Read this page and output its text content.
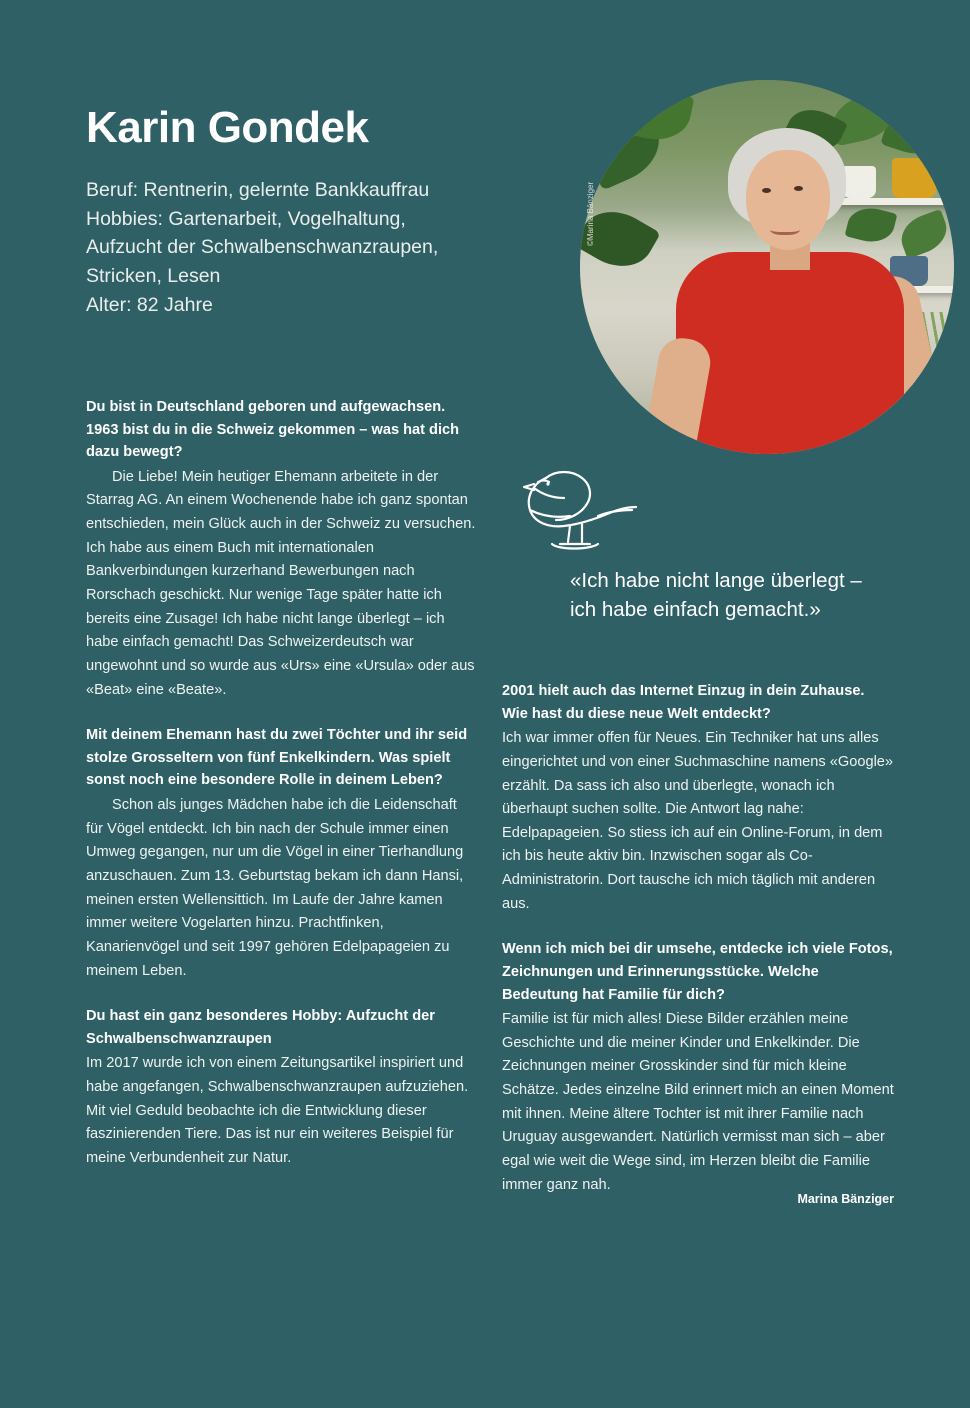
Karin Gondek
Beruf: Rentnerin, gelernte Bankkauffrau
Hobbies: Gartenarbeit, Vogelhaltung,
Aufzucht der Schwalbenschwanzraupen,
Stricken, Lesen
Alter: 82 Jahre
©Marina Bänziger
«Ich habe nicht lange überlegt –
ich habe einfach gemacht.»

Du bist in Deutschland geboren und aufgewachsen. 1963 bist du in die Schweiz gekommen – was hat dich dazu bewegt?

Die Liebe! Mein heutiger Ehemann arbeitete in der Starrag AG. An einem Wochenende habe ich ganz spontan entschieden, mein Glück auch in der Schweiz zu versuchen. Ich habe aus einem Buch mit internationalen Bankverbindungen kurzerhand Bewerbungen nach Rorschach geschickt. Nur wenige Tage später hatte ich bereits eine Zusage! Ich habe nicht lange überlegt – ich habe einfach gemacht! Das Schweizerdeutsch war ungewohnt und so wurde aus «Urs» eine «Ursula» oder aus «Beat» eine «Beate».

Mit deinem Ehemann hast du zwei Töchter und ihr seid stolze Grosseltern von fünf Enkelkindern. Was spielt sonst noch eine besondere Rolle in deinem Leben?

Schon als junges Mädchen habe ich die Leidenschaft für Vögel entdeckt. Ich bin nach der Schule immer einen Umweg gegangen, nur um die Vögel in einer Tierhandlung anzuschauen. Zum 13. Geburtstag bekam ich dann Hansi, meinen ersten Wellensittich. Im Laufe der Jahre kamen immer weitere Vogelarten hinzu. Prachtfinken, Kanarienvögel und seit 1997 gehören Edelpapageien zu meinem Leben.

Du hast ein ganz besonderes Hobby: Aufzucht der Schwalbenschwanzraupen

Im 2017 wurde ich von einem Zeitungsartikel inspiriert und habe angefangen, Schwalbenschwanzraupen aufzuziehen. Mit viel Geduld beobachte ich die Entwicklung dieser faszinierenden Tiere. Das ist nur ein weiteres Beispiel für meine Verbundenheit zur Natur.

2001 hielt auch das Internet Einzug in dein Zuhause. Wie hast du diese neue Welt entdeckt?

Ich war immer offen für Neues. Ein Techniker hat uns alles eingerichtet und von einer Suchmaschine namens «Google» erzählt. Da sass ich also und überlegte, wonach ich überhaupt suchen sollte. Die Antwort lag nahe: Edelpapageien. So stiess ich auf ein Online-Forum, in dem ich bis heute aktiv bin. Inzwischen sogar als Co-Administratorin. Dort tausche ich mich täglich mit anderen aus.

Wenn ich mich bei dir umsehe, entdecke ich viele Fotos, Zeichnungen und Erinnerungsstücke. Welche Bedeutung hat Familie für dich?

Familie ist für mich alles! Diese Bilder erzählen meine Geschichte und die meiner Kinder und Enkelkinder. Die Zeichnungen meiner Grosskinder sind für mich kleine Schätze. Jedes einzelne Bild erinnert mich an einen Moment mit ihnen. Meine ältere Tochter ist mit ihrer Familie nach Uruguay ausgewandert. Natürlich vermisst man sich – aber egal wie weit die Wege sind, im Herzen bleibt die Familie immer ganz nah.

Marina Bänziger
